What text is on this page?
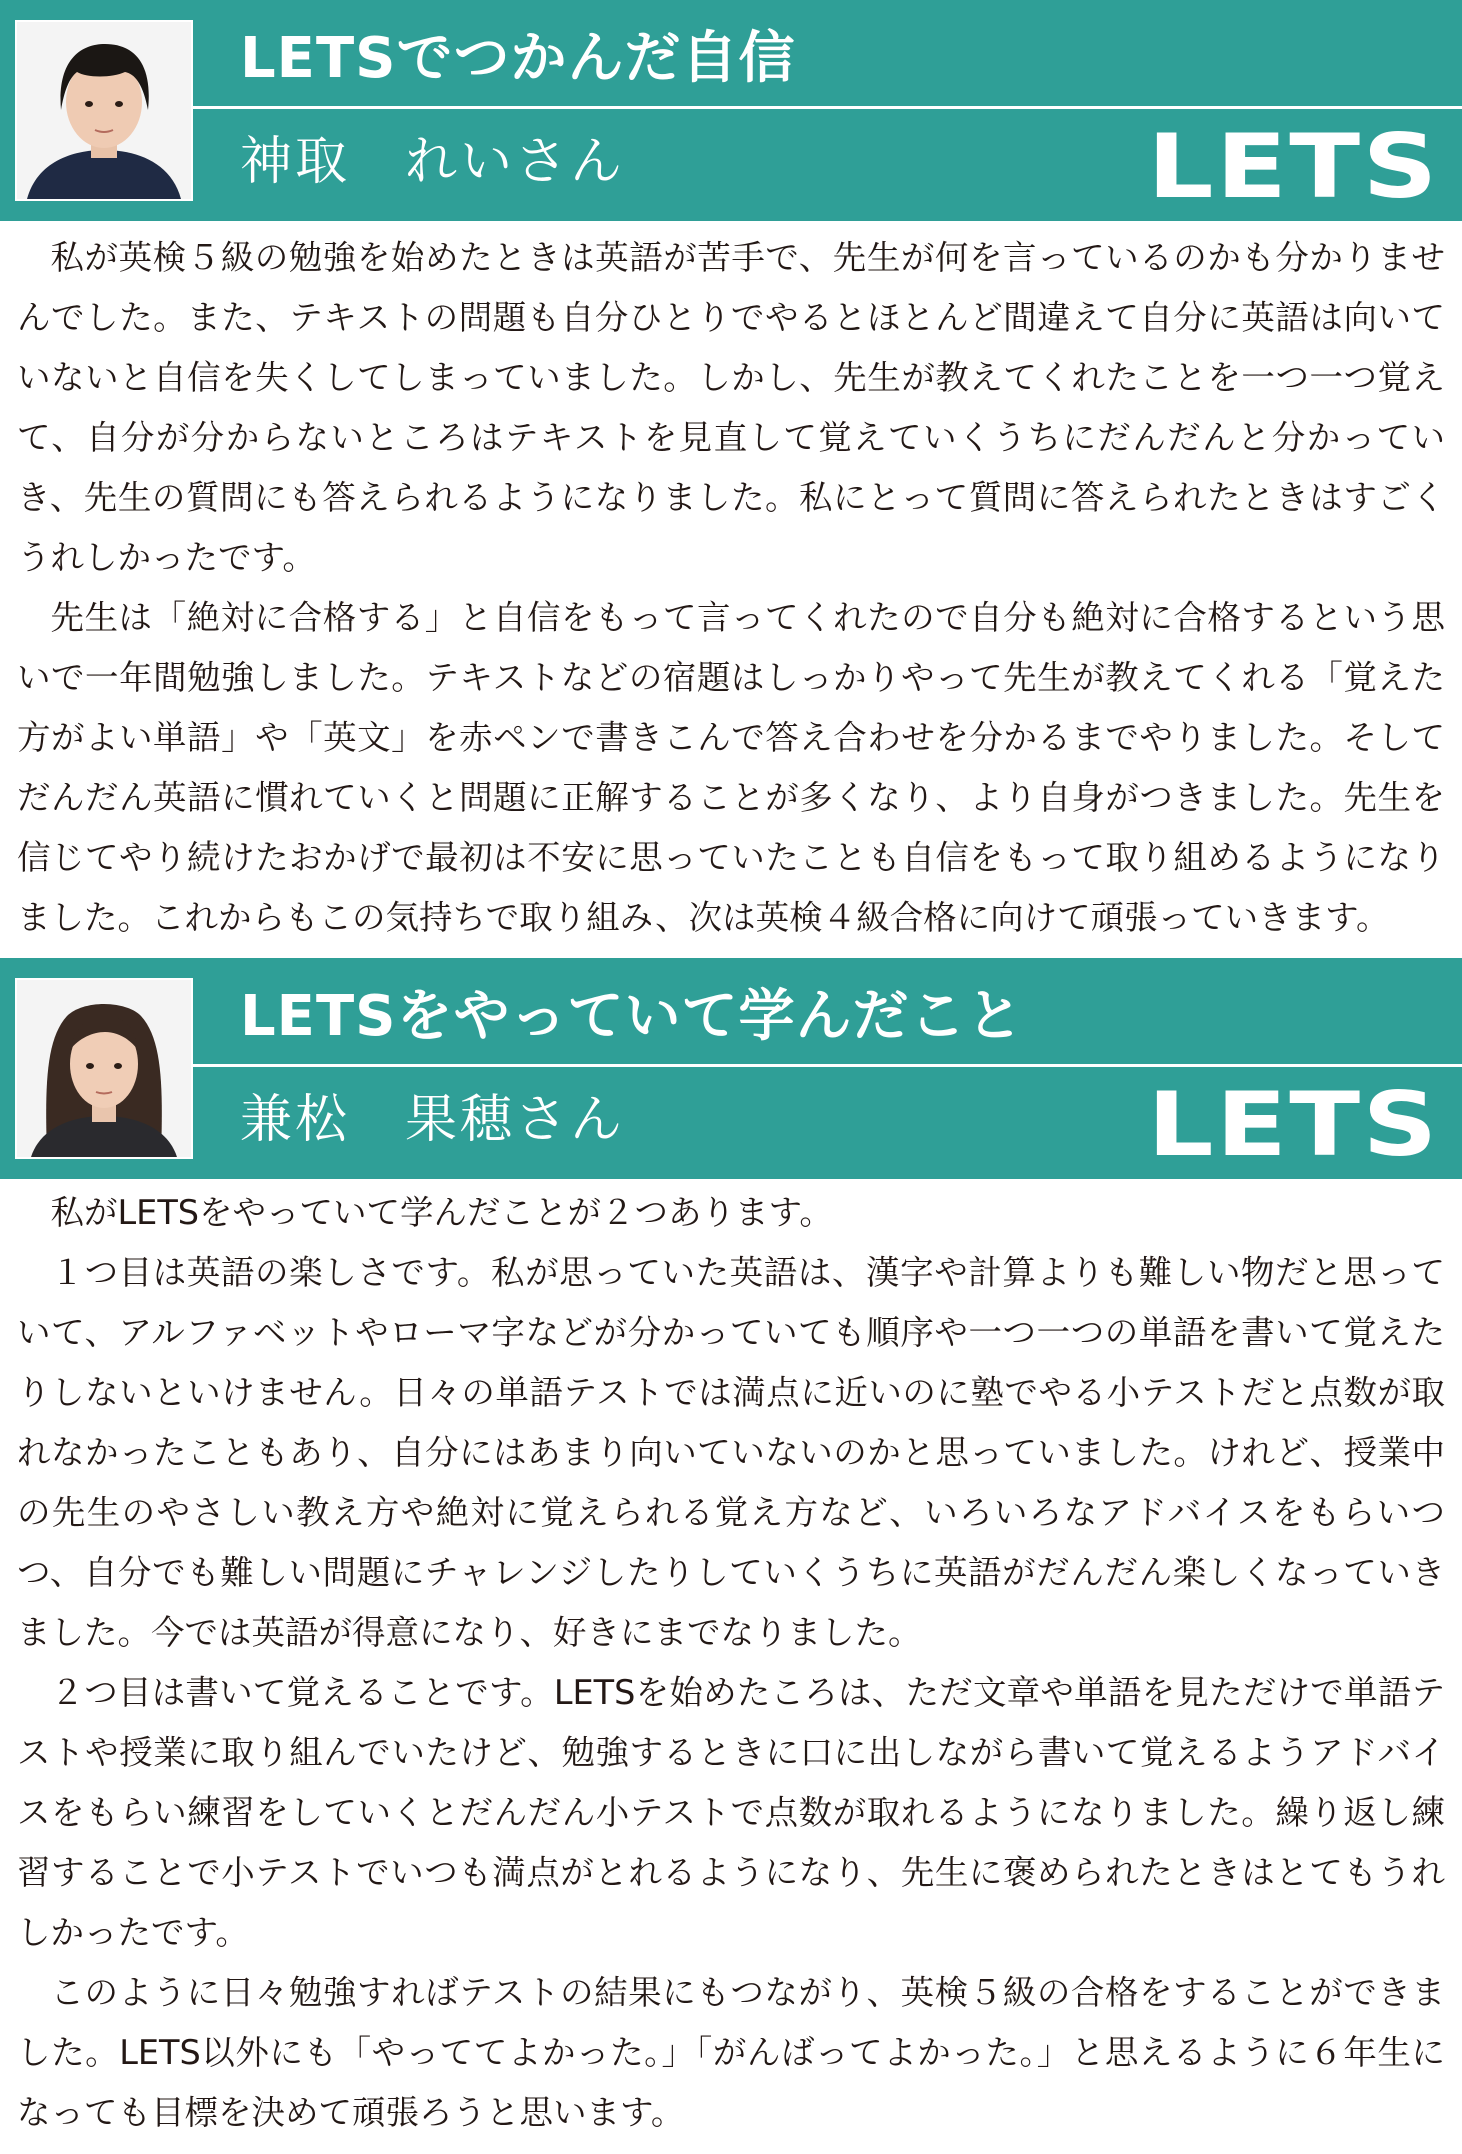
LETSでつかんだ自信
神取　れいさん	LETS

私が英検５級の勉強を始めたときは英語が苦手で、先生が何を言っているのかも分かりませんでした。また、テキストの問題も自分ひとりでやるとほとんど間違えて自分に英語は向いていないと自信を失くしてしまっていました。しかし、先生が教えてくれたことを一つ一つ覚えて、自分が分からないところはテキストを見直して覚えていくうちにだんだんと分かっていき、先生の質問にも答えられるようになりました。私にとって質問に答えられたときはすごくうれしかったです。

先生は「絶対に合格する」と自信をもって言ってくれたので自分も絶対に合格するという思いで一年間勉強しました。テキストなどの宿題はしっかりやって先生が教えてくれる「覚えた方がよい単語」や「英文」を赤ペンで書きこんで答え合わせを分かるまでやりました。そしてだんだん英語に慣れていくと問題に正解することが多くなり、より自身がつきました。先生を信じてやり続けたおかげで最初は不安に思っていたことも自信をもって取り組めるようになりました。これからもこの気持ちで取り組み、次は英検４級合格に向けて頑張っていきます。

LETSをやっていて学んだこと
兼松　果穂さん	LETS

私がLETSをやっていて学んだことが２つあります。

１つ目は英語の楽しさです。私が思っていた英語は、漢字や計算よりも難しい物だと思っていて、アルファベットやローマ字などが分かっていても順序や一つ一つの単語を書いて覚えたりしないといけません。日々の単語テストでは満点に近いのに塾でやる小テストだと点数が取れなかったこともあり、自分にはあまり向いていないのかと思っていました。けれど、授業中の先生のやさしい教え方や絶対に覚えられる覚え方など、いろいろなアドバイスをもらいつつ、自分でも難しい問題にチャレンジしたりしていくうちに英語がだんだん楽しくなっていきました。今では英語が得意になり、好きにまでなりました。

２つ目は書いて覚えることです。LETSを始めたころは、ただ文章や単語を見ただけで単語テストや授業に取り組んでいたけど、勉強するときに口に出しながら書いて覚えるようアドバイスをもらい練習をしていくとだんだん小テストで点数が取れるようになりました。繰り返し練習することで小テストでいつも満点がとれるようになり、先生に褒められたときはとてもうれしかったです。

このように日々勉強すればテストの結果にもつながり、英検５級の合格をすることができました。LETS以外にも「やっててよかった。」「がんばってよかった。」と思えるように６年生になっても目標を決めて頑張ろうと思います。
